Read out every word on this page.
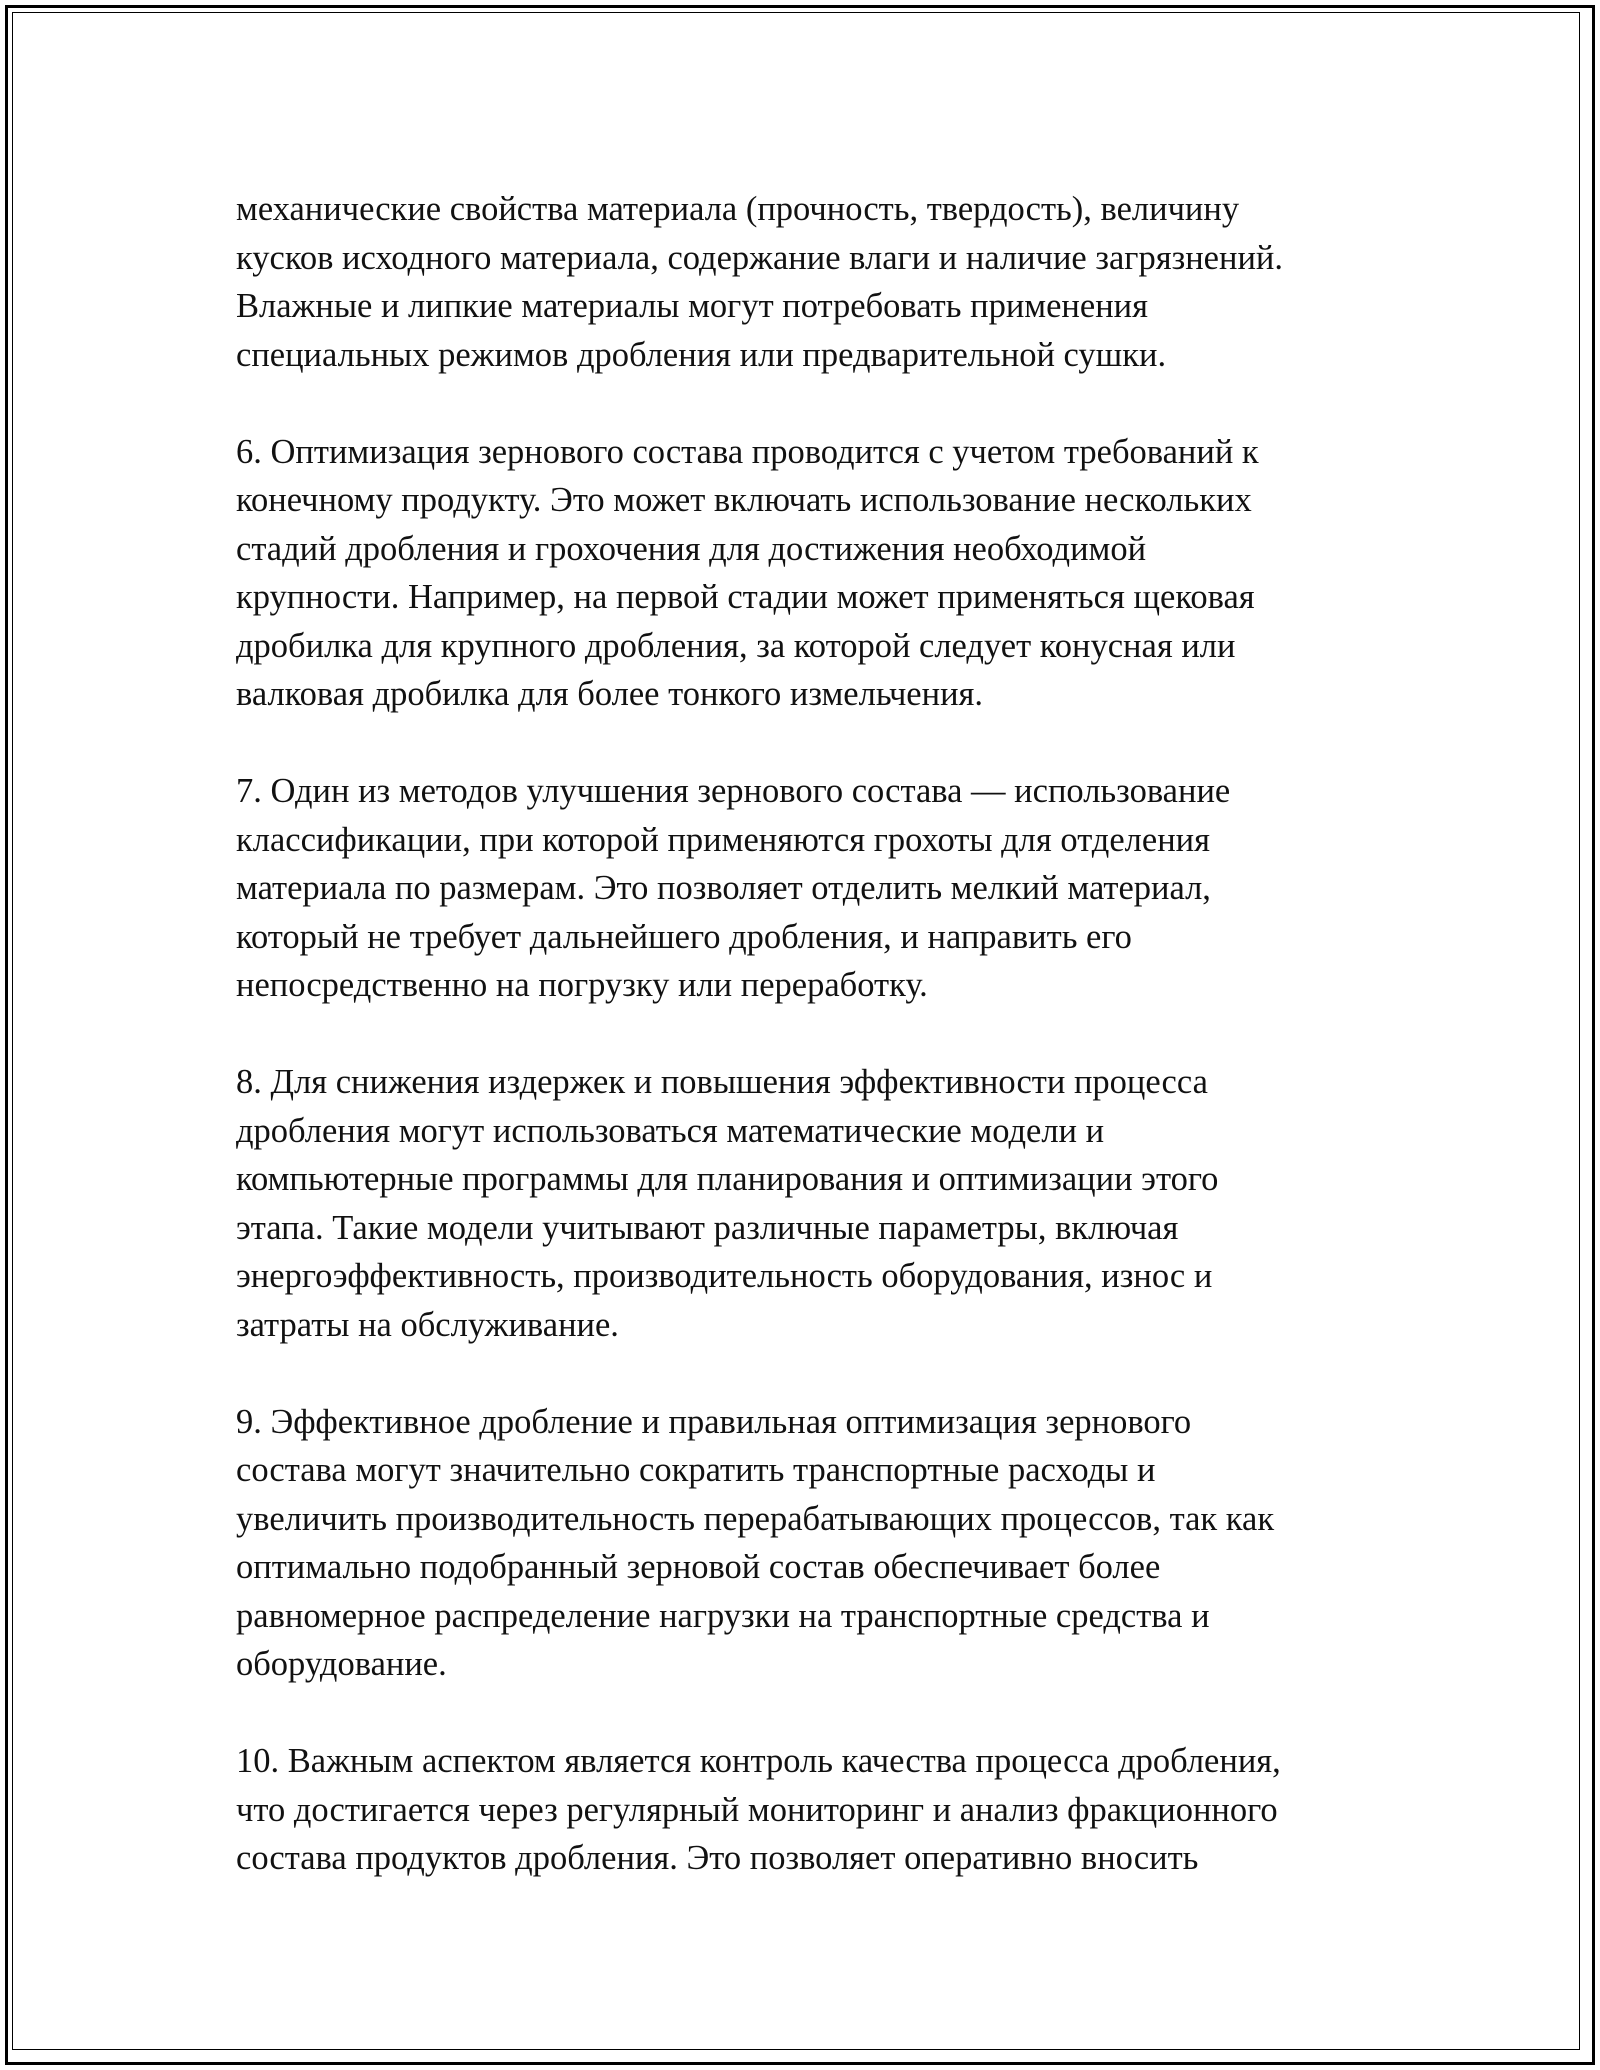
механические свойства материала (прочность, твердость), величину
кусков исходного материала, содержание влаги и наличие загрязнений.
Влажные и липкие материалы могут потребовать применения
специальных режимов дробления или предварительной сушки.
6. Оптимизация зернового состава проводится с учетом требований к
конечному продукту. Это может включать использование нескольких
стадий дробления и грохочения для достижения необходимой
крупности. Например, на первой стадии может применяться щековая
дробилка для крупного дробления, за которой следует конусная или
валковая дробилка для более тонкого измельчения.
7. Один из методов улучшения зернового состава — использование
классификации, при которой применяются грохоты для отделения
материала по размерам. Это позволяет отделить мелкий материал,
который не требует дальнейшего дробления, и направить его
непосредственно на погрузку или переработку.
8. Для снижения издержек и повышения эффективности процесса
дробления могут использоваться математические модели и
компьютерные программы для планирования и оптимизации этого
этапа. Такие модели учитывают различные параметры, включая
энергоэффективность, производительность оборудования, износ и
затраты на обслуживание.
9. Эффективное дробление и правильная оптимизация зернового
состава могут значительно сократить транспортные расходы и
увеличить производительность перерабатывающих процессов, так как
оптимально подобранный зерновой состав обеспечивает более
равномерное распределение нагрузки на транспортные средства и
оборудование.
10. Важным аспектом является контроль качества процесса дробления,
что достигается через регулярный мониторинг и анализ фракционного
состава продуктов дробления. Это позволяет оперативно вносить
